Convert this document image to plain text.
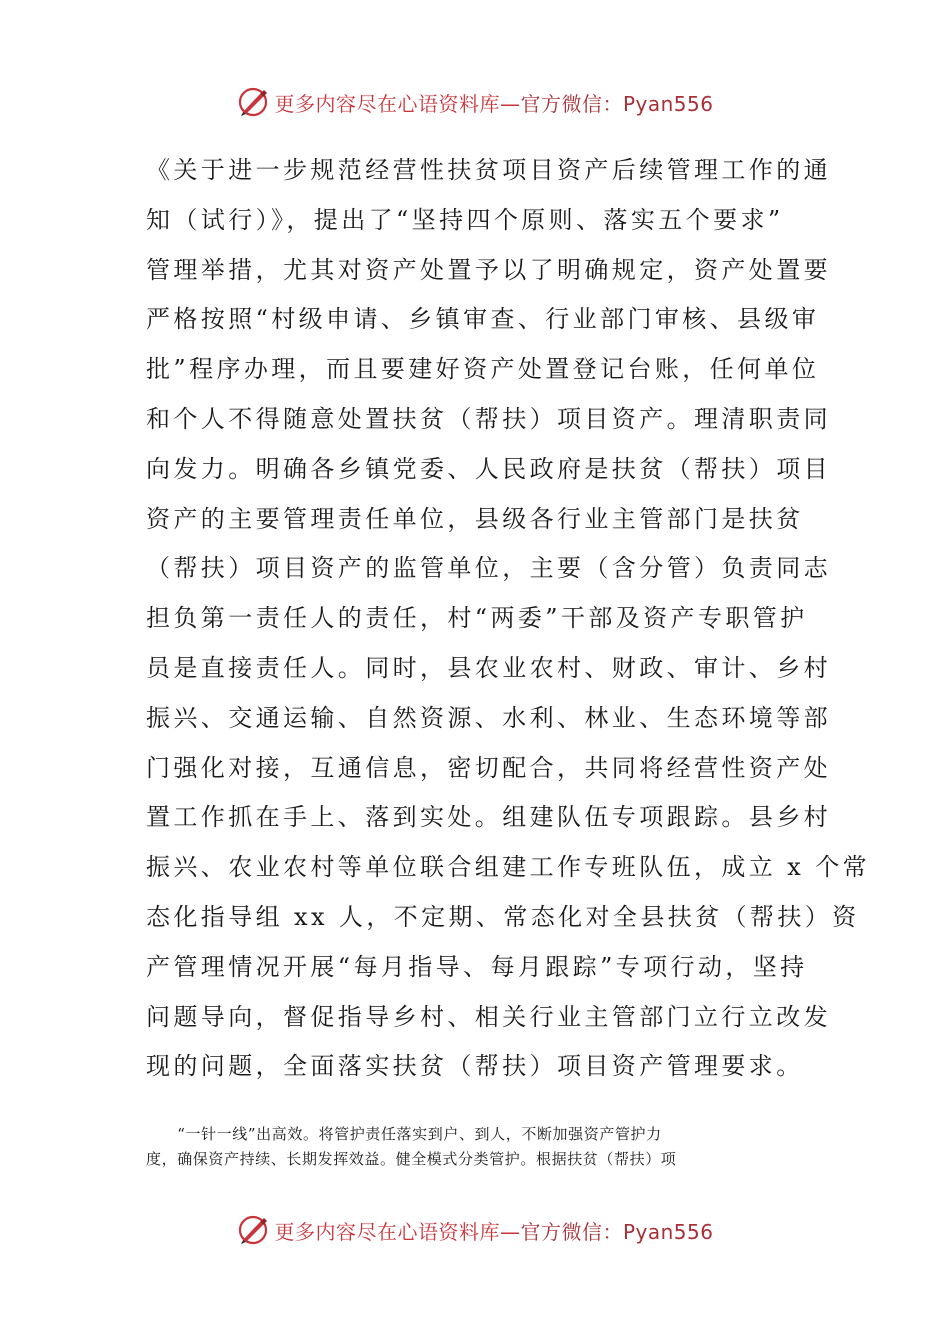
更多内容尽在心语资料库—官方微信：Pyan556
《关于进一步规范经营性扶贫项目资产后续管理工作的通
知（试行）》，提出了“坚持四个原则、落实五个要求”
管理举措，尤其对资产处置予以了明确规定，资产处置要
严格按照“村级申请、乡镇审查、行业部门审核、县级审
批”程序办理，而且要建好资产处置登记台账，任何单位
和个人不得随意处置扶贫（帮扶）项目资产。理清职责同
向发力。明确各乡镇党委、人民政府是扶贫（帮扶）项目
资产的主要管理责任单位，县级各行业主管部门是扶贫
（帮扶）项目资产的监管单位，主要（含分管）负责同志
担负第一责任人的责任，村“两委”干部及资产专职管护
员是直接责任人。同时，县农业农村、财政、审计、乡村
振兴、交通运输、自然资源、水利、林业、生态环境等部
门强化对接，互通信息，密切配合，共同将经营性资产处
置工作抓在手上、落到实处。组建队伍专项跟踪。县乡村
振兴、农业农村等单位联合组建工作专班队伍，成立 x 个常
态化指导组 xx 人，不定期、常态化对全县扶贫（帮扶）资
产管理情况开展“每月指导、每月跟踪”专项行动，坚持
问题导向，督促指导乡村、相关行业主管部门立行立改发
现的问题，全面落实扶贫（帮扶）项目资产管理要求。
　　“一针一线”出高效。将管护责任落实到户、到人，不断加强资产管护力
度，确保资产持续、长期发挥效益。健全模式分类管护。根据扶贫（帮扶）项
更多内容尽在心语资料库—官方微信：Pyan556
